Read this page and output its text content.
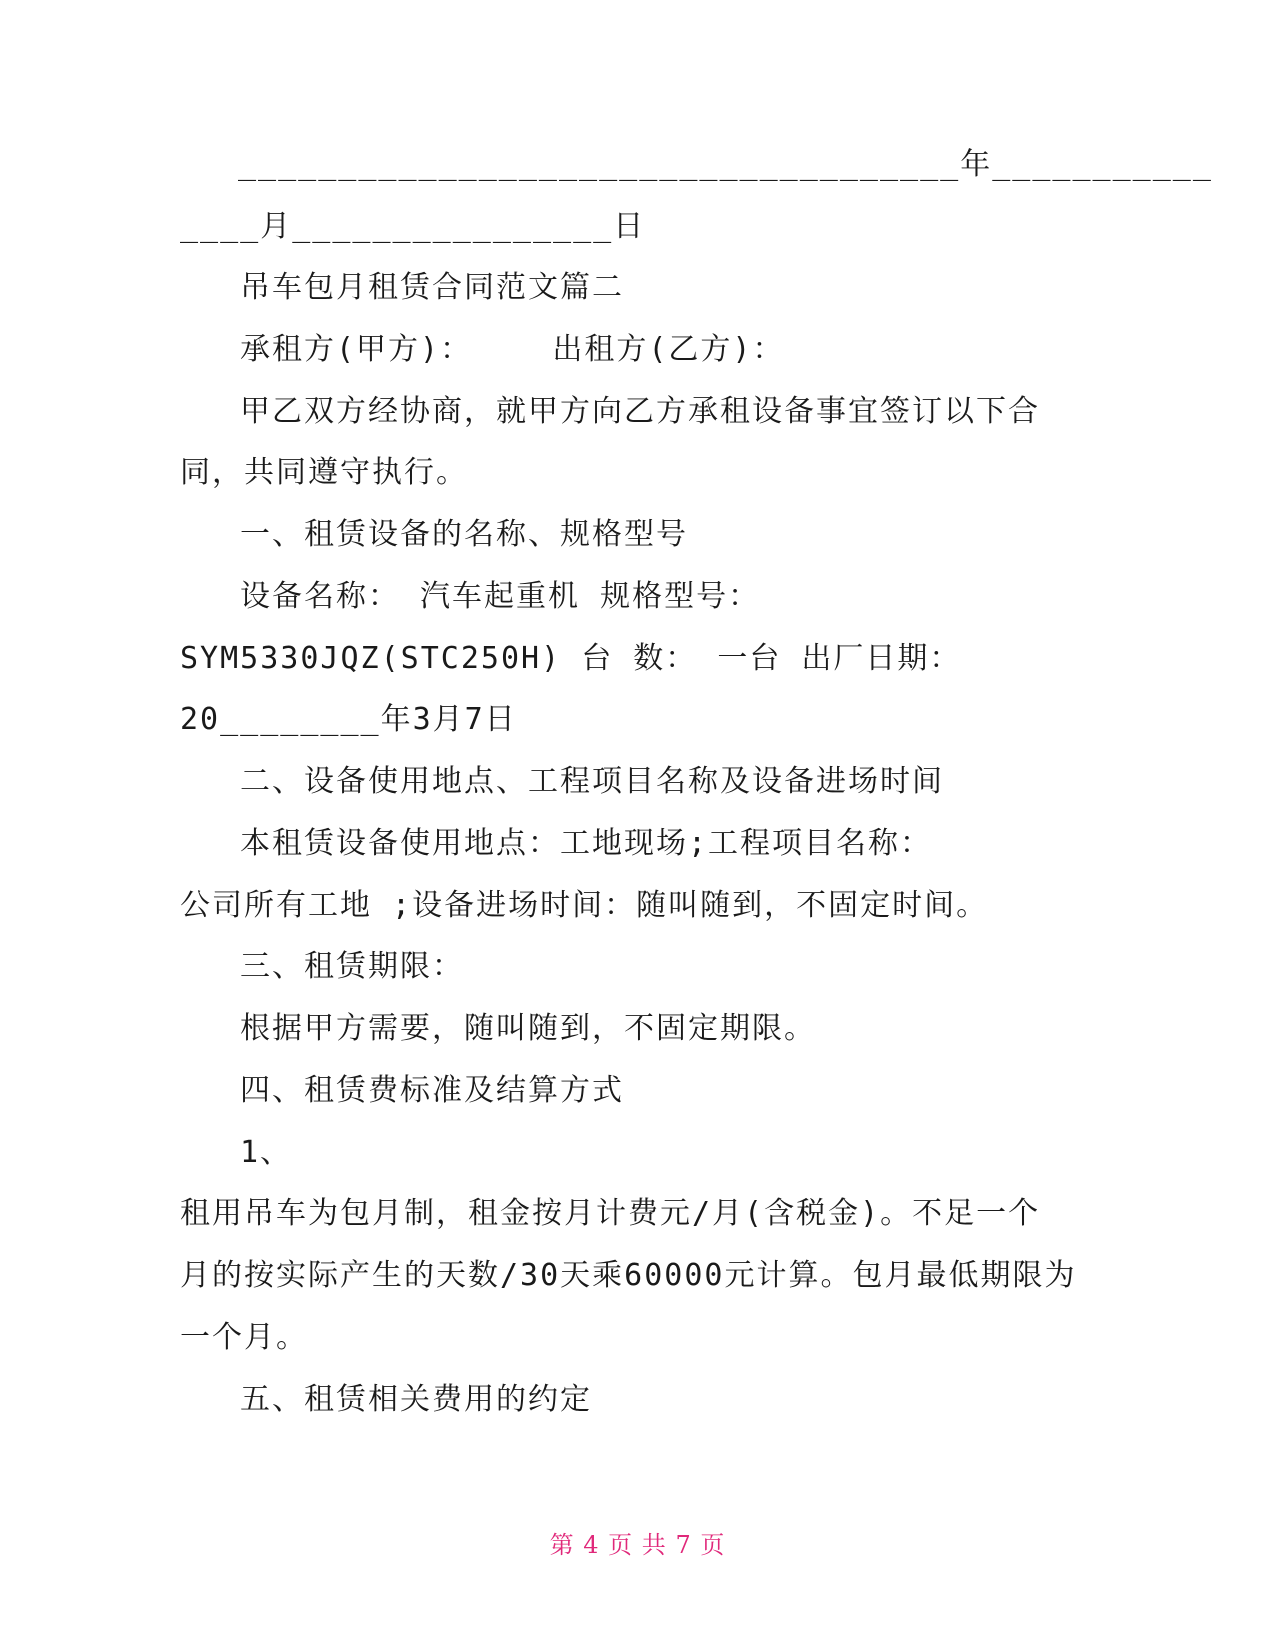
____________________________________年___________
____月________________日
吊车包月租赁合同范文篇二
承租方(甲方)：    出租方(乙方)：
甲乙双方经协商，就甲方向乙方承租设备事宜签订以下合
同，共同遵守执行。
一、租赁设备的名称、规格型号
设备名称： 汽车起重机 规格型号：
SYM5330JQZ(STC250H) 台 数： 一台 出厂日期：
20________年3月7日
二、设备使用地点、工程项目名称及设备进场时间
本租赁设备使用地点：工地现场;工程项目名称：
公司所有工地 ;设备进场时间：随叫随到，不固定时间。
三、租赁期限：
根据甲方需要，随叫随到，不固定期限。
四、租赁费标准及结算方式
1、
租用吊车为包月制，租金按月计费元/月(含税金)。不足一个
月的按实际产生的天数/30天乘60000元计算。包月最低期限为
一个月。
五、租赁相关费用的约定
第 4 页 共 7 页
